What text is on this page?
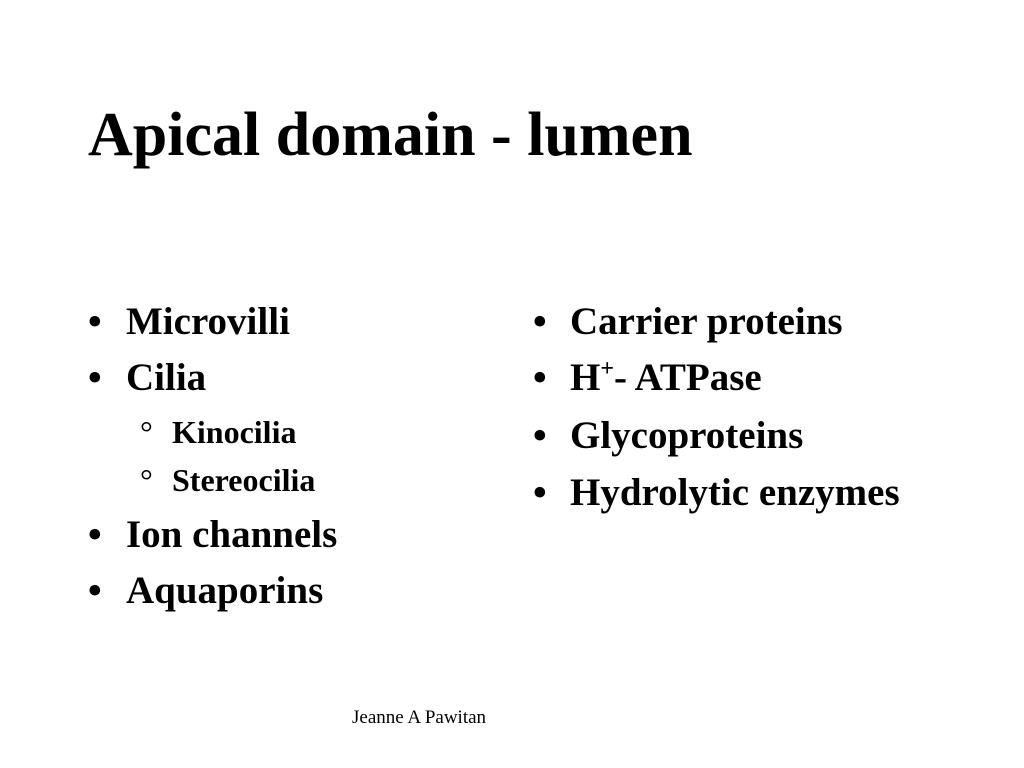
Apical domain - lumen
• Microvilli
• Cilia
° Kinocilia
° Stereocilia
• Ion channels
• Aquaporins
• Carrier proteins
• H+- ATPase
• Glycoproteins
• Hydrolytic enzymes
Jeanne A Pawitan
